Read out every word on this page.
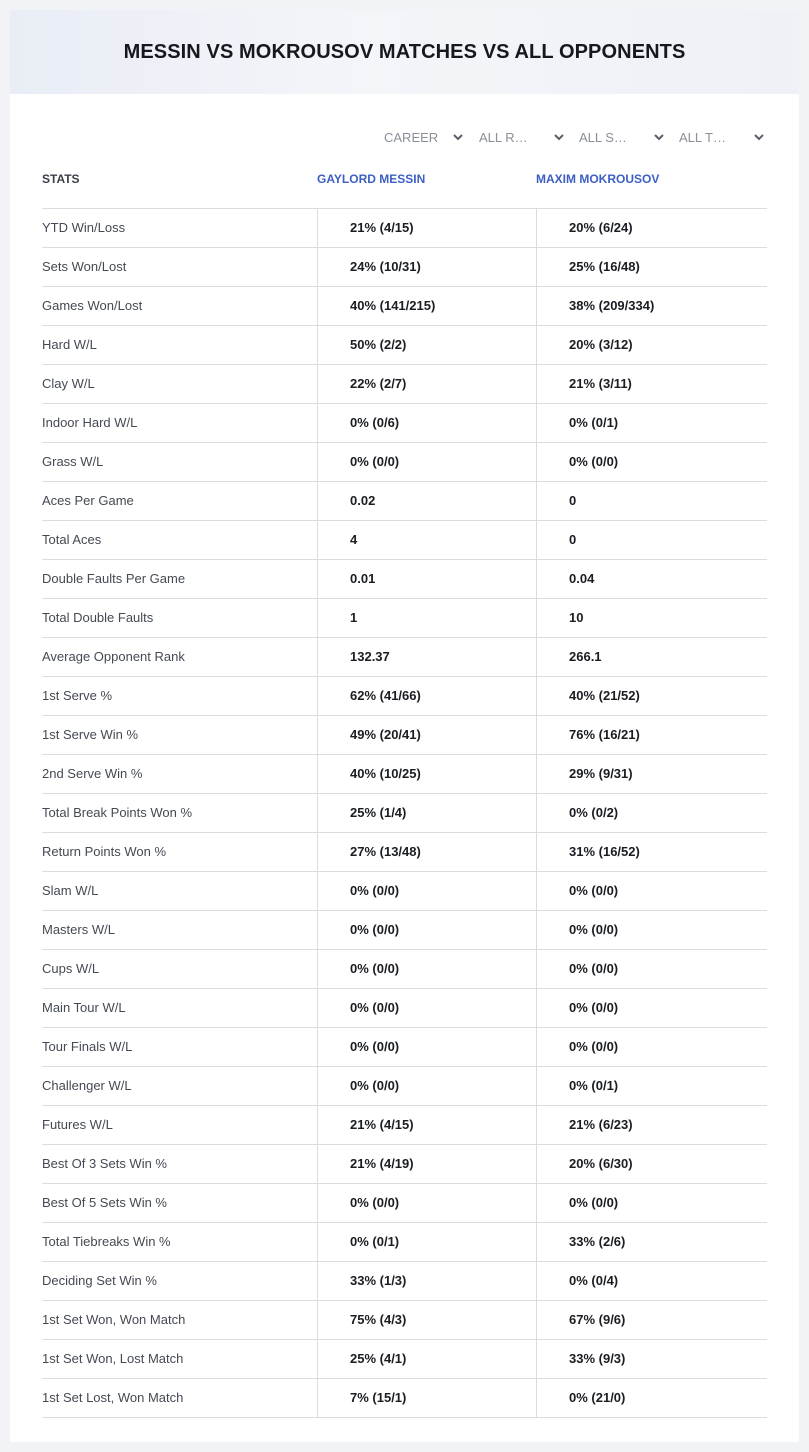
MESSIN VS MOKROUSOV MATCHES VS ALL OPPONENTS
CAREER	ALL R…	ALL S…	ALL T…
STATS	GAYLORD MESSIN	MAXIM MOKROUSOV
YTD Win/Loss	21% (4/15)	20% (6/24)
Sets Won/Lost	24% (10/31)	25% (16/48)
Games Won/Lost	40% (141/215)	38% (209/334)
Hard W/L	50% (2/2)	20% (3/12)
Clay W/L	22% (2/7)	21% (3/11)
Indoor Hard W/L	0% (0/6)	0% (0/1)
Grass W/L	0% (0/0)	0% (0/0)
Aces Per Game	0.02	0
Total Aces	4	0
Double Faults Per Game	0.01	0.04
Total Double Faults	1	10
Average Opponent Rank	132.37	266.1
1st Serve %	62% (41/66)	40% (21/52)
1st Serve Win %	49% (20/41)	76% (16/21)
2nd Serve Win %	40% (10/25)	29% (9/31)
Total Break Points Won %	25% (1/4)	0% (0/2)
Return Points Won %	27% (13/48)	31% (16/52)
Slam W/L	0% (0/0)	0% (0/0)
Masters W/L	0% (0/0)	0% (0/0)
Cups W/L	0% (0/0)	0% (0/0)
Main Tour W/L	0% (0/0)	0% (0/0)
Tour Finals W/L	0% (0/0)	0% (0/0)
Challenger W/L	0% (0/0)	0% (0/1)
Futures W/L	21% (4/15)	21% (6/23)
Best Of 3 Sets Win %	21% (4/19)	20% (6/30)
Best Of 5 Sets Win %	0% (0/0)	0% (0/0)
Total Tiebreaks Win %	0% (0/1)	33% (2/6)
Deciding Set Win %	33% (1/3)	0% (0/4)
1st Set Won, Won Match	75% (4/3)	67% (9/6)
1st Set Won, Lost Match	25% (4/1)	33% (9/3)
1st Set Lost, Won Match	7% (15/1)	0% (21/0)
